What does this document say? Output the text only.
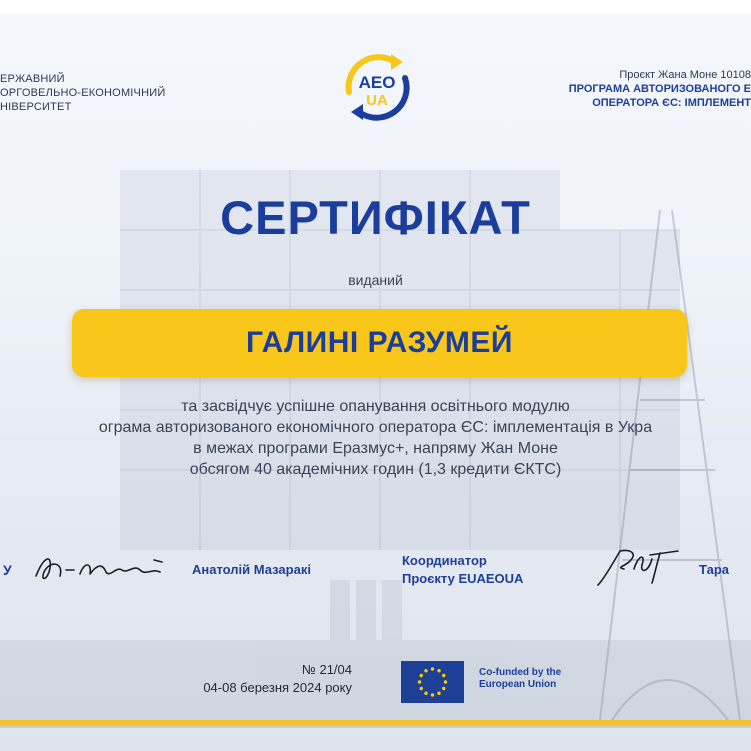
ЕРЖАВНИЙ
ОРГОВЕЛЬНО-ЕКОНОМІЧНИЙ
НІВЕРСИТЕТ
AEO
UA
Проєкт Жана Моне 10108
ПРОГРАМА АВТОРИЗОВАНОГО Е
ОПЕРАТОРА ЄС: ІМПЛЕМЕНТ
СЕРТИФІКАТ
виданий
ГАЛИНІ РАЗУМЕЙ
та засвідчує успішне опанування освітнього модулю
ограма авторизованого економічного оператора ЄС: імплементація в Укра
в межах програми Еразмус+, напряму Жан Моне
обсягом 40 академічних годин (1,3 кредити ЄКТС)
У	Анатолій Мазаракі
Координатор
Проєкту EUAEOUA
Тара
№ 21/04
04-08 березня 2024 року
Co-funded by the
European Union
